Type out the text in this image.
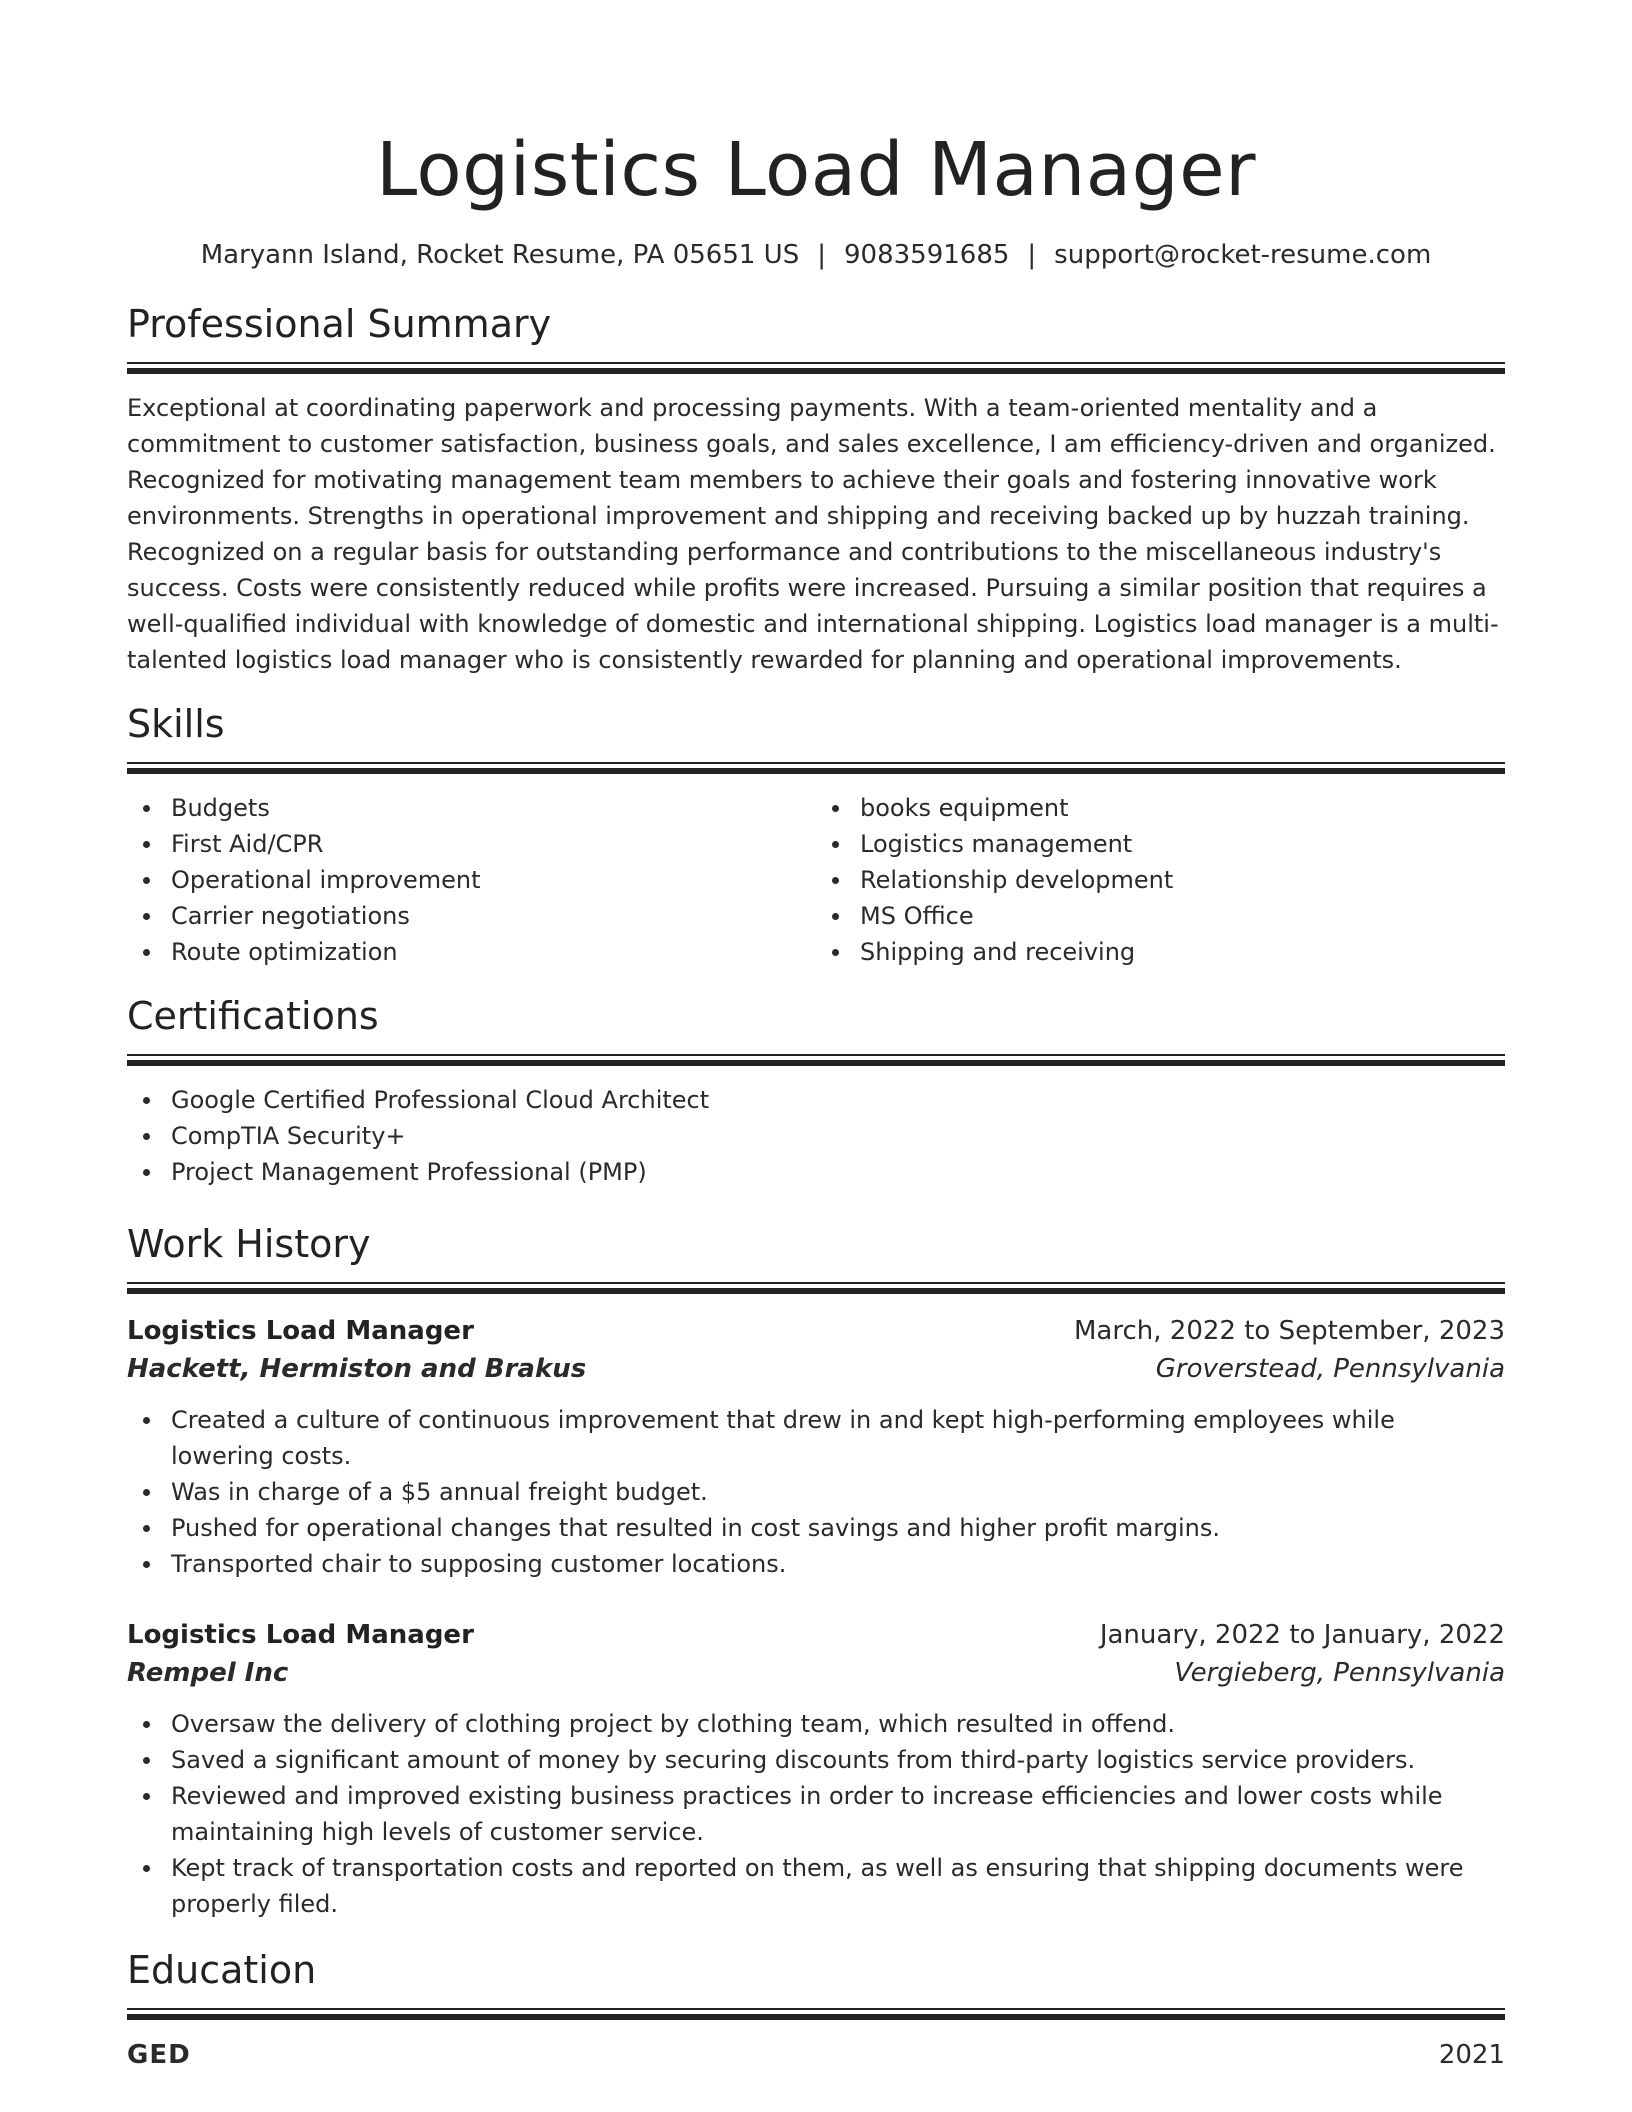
Logistics Load Manager
Maryann Island, Rocket Resume, PA 05651 US | 9083591685 | support@rocket-resume.com
Professional Summary

Exceptional at coordinating paperwork and processing payments. With a team-oriented mentality and a commitment to customer satisfaction, business goals, and sales excellence, I am efficiency-driven and organized. Recognized for motivating management team members to achieve their goals and fostering innovative work environments. Strengths in operational improvement and shipping and receiving backed up by huzzah training. Recognized on a regular basis for outstanding performance and contributions to the miscellaneous industry's success. Costs were consistently reduced while profits were increased. Pursuing a similar position that requires a well-qualified individual with knowledge of domestic and international shipping. Logistics load manager is a multi-talented logistics load manager who is consistently rewarded for planning and operational improvements.

Skills
Budgets
First Aid/CPR
Operational improvement
Carrier negotiations
Route optimization
books equipment
Logistics management
Relationship development
MS Office
Shipping and receiving
Certifications
Google Certified Professional Cloud Architect
CompTIA Security+
Project Management Professional (PMP)
Work History
Logistics Load Manager	March, 2022 to September, 2023
Hackett, Hermiston and Brakus	Groverstead, Pennsylvania
Created a culture of continuous improvement that drew in and kept high-performing employees while lowering costs.
Was in charge of a $5 annual freight budget.
Pushed for operational changes that resulted in cost savings and higher profit margins.
Transported chair to supposing customer locations.
Logistics Load Manager	January, 2022 to January, 2022
Rempel Inc	Vergieberg, Pennsylvania
Oversaw the delivery of clothing project by clothing team, which resulted in offend.
Saved a significant amount of money by securing discounts from third-party logistics service providers.
Reviewed and improved existing business practices in order to increase efficiencies and lower costs while maintaining high levels of customer service.
Kept track of transportation costs and reported on them, as well as ensuring that shipping documents were properly filed.
Education
GED	2021
